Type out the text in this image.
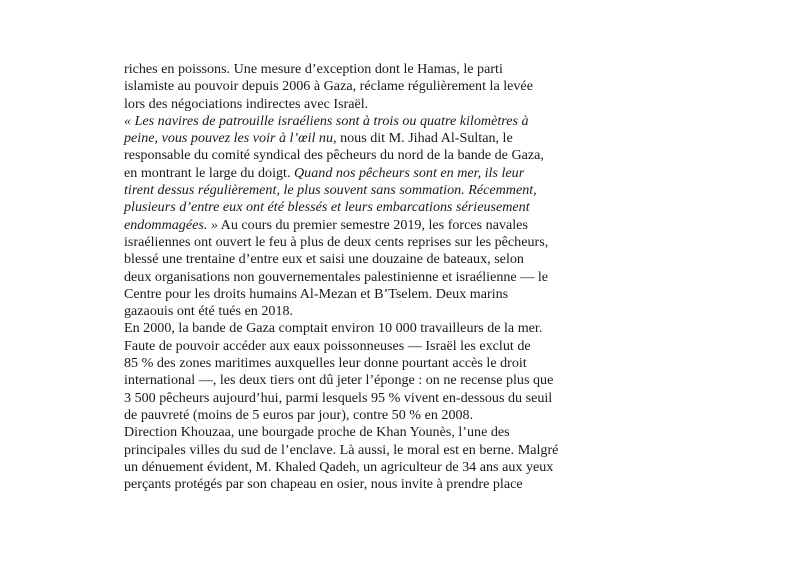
riches en poissons. Une mesure d’exception dont le Hamas, le parti
islamiste au pouvoir depuis 2006 à Gaza, réclame régulièrement la levée
lors des négociations indirectes avec Israël.
« Les navires de patrouille israéliens sont à trois ou quatre kilomètres à
peine, vous pouvez les voir à l’œil nu, nous dit M. Jihad Al-Sultan, le
responsable du comité syndical des pêcheurs du nord de la bande de Gaza,
en montrant le large du doigt. Quand nos pêcheurs sont en mer, ils leur
tirent dessus régulièrement, le plus souvent sans sommation. Récemment,
plusieurs d’entre eux ont été blessés et leurs embarcations sérieusement
endommagées. » Au cours du premier semestre 2019, les forces navales
israéliennes ont ouvert le feu à plus de deux cents reprises sur les pêcheurs,
blessé une trentaine d’entre eux et saisi une douzaine de bateaux, selon
deux organisations non gouvernementales palestinienne et israélienne — le
Centre pour les droits humains Al-Mezan et B’Tselem. Deux marins
gazaouis ont été tués en 2018.
En 2000, la bande de Gaza comptait environ 10 000 travailleurs de la mer.
Faute de pouvoir accéder aux eaux poissonneuses — Israël les exclut de
85 % des zones maritimes auxquelles leur donne pourtant accès le droit
international —, les deux tiers ont dû jeter l’éponge : on ne recense plus que
3 500 pêcheurs aujourd’hui, parmi lesquels 95 % vivent en-dessous du seuil
de pauvreté (moins de 5 euros par jour), contre 50 % en 2008.
Direction Khouzaa, une bourgade proche de Khan Younès, l’une des
principales villes du sud de l’enclave. Là aussi, le moral est en berne. Malgré
un dénuement évident, M. Khaled Qadeh, un agriculteur de 34 ans aux yeux
perçants protégés par son chapeau en osier, nous invite à prendre place
